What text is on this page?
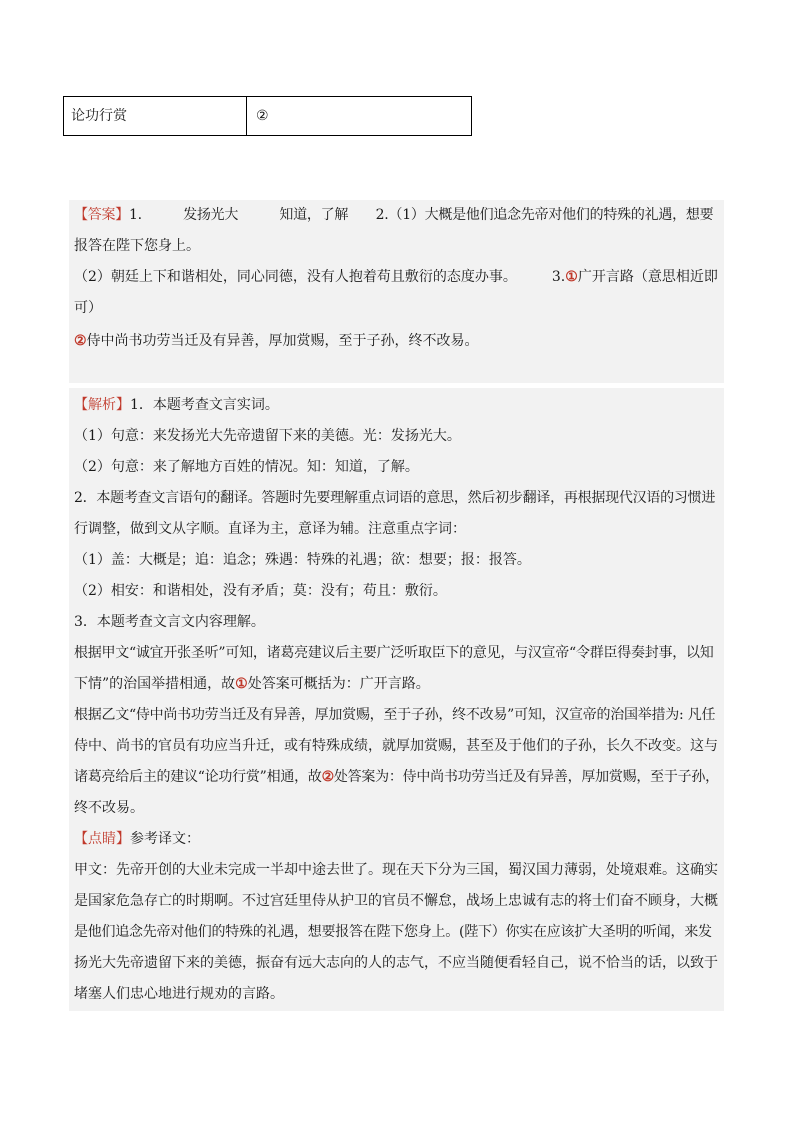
论功行赏	②
【答案】1.　　　发扬光大　　　知道，了解　　2.（1）大概是他们追念先帝对他们的特殊的礼遇，想要
报答在陛下您身上。
（2）朝廷上下和谐相处，同心同德，没有人抱着苟且敷衍的态度办事。　　　3.①广开言路（意思相近即
可）
②侍中尚书功劳当迁及有异善，厚加赏赐，至于子孙，终不改易。
【解析】1．本题考查文言实词。
（1）句意：来发扬光大先帝遗留下来的美德。光：发扬光大。
（2）句意：来了解地方百姓的情况。知：知道，了解。
2．本题考查文言语句的翻译。答题时先要理解重点词语的意思，然后初步翻译，再根据现代汉语的习惯进
行调整，做到文从字顺。直译为主，意译为辅。注意重点字词：
（1）盖：大概是；追：追念；殊遇：特殊的礼遇；欲：想要；报：报答。
（2）相安：和谐相处，没有矛盾；莫：没有；苟且：敷衍。
3．本题考查文言文内容理解。
根据甲文“诚宜开张圣听”可知，诸葛亮建议后主要广泛听取臣下的意见，与汉宣帝“令群臣得奏封事，以知
下情”的治国举措相通，故①处答案可概括为：广开言路。
根据乙文“侍中尚书功劳当迁及有异善，厚加赏赐，至于子孙，终不改易”可知，汉宣帝的治国举措为: 凡任
侍中、尚书的官员有功应当升迁，或有特殊成绩，就厚加赏赐，甚至及于他们的子孙，长久不改变。这与
诸葛亮给后主的建议“论功行赏”相通，故②处答案为：侍中尚书功劳当迁及有异善，厚加赏赐，至于子孙，
终不改易。
【点睛】参考译文：
甲文：先帝开创的大业未完成一半却中途去世了。现在天下分为三国，蜀汉国力薄弱，处境艰难。这确实
是国家危急存亡的时期啊。不过宫廷里侍从护卫的官员不懈怠，战场上忠诚有志的将士们奋不顾身，大概
是他们追念先帝对他们的特殊的礼遇，想要报答在陛下您身上。(陛下）你实在应该扩大圣明的听闻，来发
扬光大先帝遗留下来的美德，振奋有远大志向的人的志气，不应当随便看轻自己，说不恰当的话，以致于
堵塞人们忠心地进行规劝的言路。
